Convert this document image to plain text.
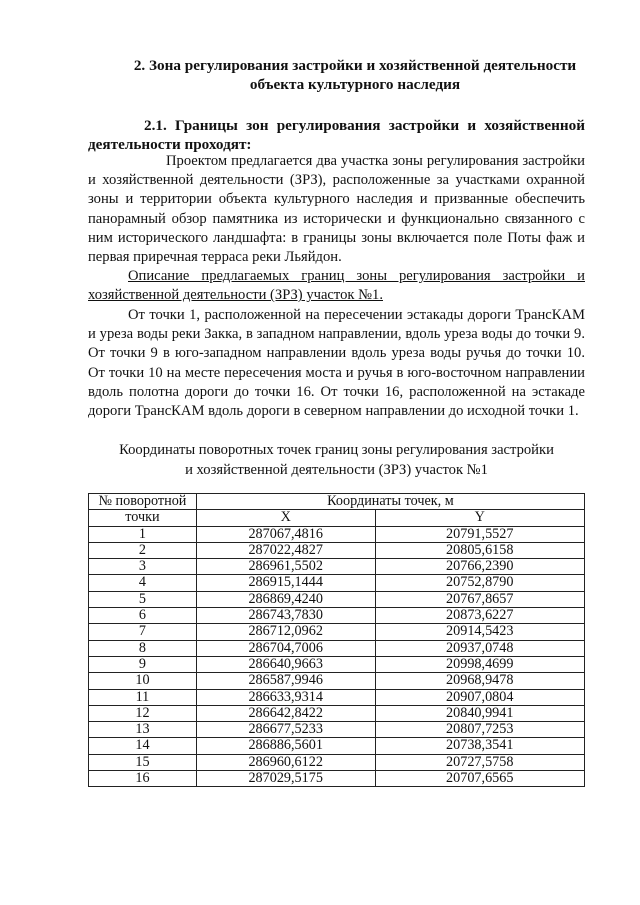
2. Зона регулирования застройки и хозяйственной деятельности
объекта культурного наследия
2.1. Границы зон регулирования застройки и хозяйственной деятельности проходят:
Проектом предлагается два участка зоны регулирования застройки и хозяйственной деятельности (ЗРЗ), расположенные за участками охранной зоны и территории объекта культурного наследия и призванные обеспечить панорамный обзор памятника из исторически и функционально связанного с ним исторического ландшафта: в границы зоны включается поле Поты фаж и первая приречная терраса реки Льяйдон.
Описание предлагаемых границ зоны регулирования застройки и хозяйственной деятельности (ЗРЗ) участок №1.
От точки 1, расположенной на пересечении эстакады дороги ТрансКАМ и уреза воды реки Закка, в западном направлении, вдоль уреза воды до точки 9. От точки 9 в юго-западном направлении вдоль уреза воды ручья до точки 10. От точки 10 на месте пересечения моста и ручья в юго-восточном направлении вдоль полотна дороги до точки 16. От точки 16, расположенной на эстакаде дороги ТрансКАМ вдоль дороги в северном направлении до исходной точки 1.
Координаты поворотных точек границ зоны регулирования застройки
и хозяйственной деятельности (ЗРЗ) участок №1
№ поворотной	Координаты точек, м	
точки	X	Y
1	287067,4816	20791,5527
2	287022,4827	20805,6158
3	286961,5502	20766,2390
4	286915,1444	20752,8790
5	286869,4240	20767,8657
6	286743,7830	20873,6227
7	286712,0962	20914,5423
8	286704,7006	20937,0748
9	286640,9663	20998,4699
10	286587,9946	20968,9478
11	286633,9314	20907,0804
12	286642,8422	20840,9941
13	286677,5233	20807,7253
14	286886,5601	20738,3541
15	286960,6122	20727,5758
16	287029,5175	20707,6565
